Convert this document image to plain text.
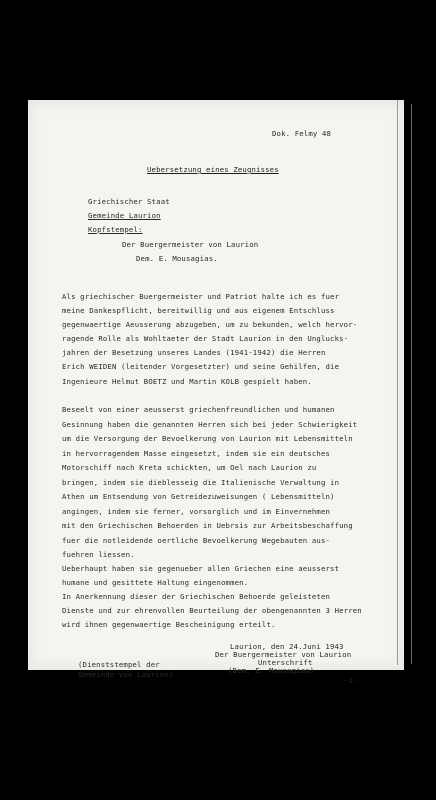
Dok. Felmy 48
Uebersetzung eines Zeugnisses
Griechischer Staat
Gemeinde Laurion
Kopfstempel:
Der Buergermeister von Laurion
Dem. E. Mousagias.
Als griechischer Buergermeister und Patriot halte ich es fuer
meine Dankespflicht, bereitwillig und aus eigenem Entschluss
gegenwaertige Aeusserung abzugeben, um zu bekunden, welch hervor-
ragende Rolle als Wohltaeter der Stadt Laurion in den Unglucks-
jahren der Besetzung unseres Landes (1941-1942) die Herren
Erich WEIDEN (leitender Vorgesetzter) und seine Gehilfen, die
Ingenieure Helmut BOETZ und Martin KOLB gespielt haben.
Beseelt von einer aeusserst griechenfreundlichen und humanen
Gesinnung haben die genannten Herren sich bei jeder Schwierigkeit
um die Versorgung der Bevoelkerung von Laurion mit Lebensmitteln
in hervorragendem Masse eingesetzt, indem sie ein deutsches
Motorschiff nach Kreta schickten, um Oel nach Laurion zu
bringen, indem sie dieblesseig die Italienische Verwaltung in
Athen um Entsendung von Getreidezuweisungen ( Lebensmitteln)
angingen, indem sie ferner, vorsorglich und im Einvernehmen
mit den Griechischen Behoerden in Uebrsis zur Arbeitsbeschaffung
fuer die notleidende oertliche Bevoelkerung Wegebauten aus-
fuehren liessen.
Ueberhaupt haben sie gegenueber allen Griechen eine aeusserst
humane und gesittete Haltung eingenommen.
In Anerkennung dieser der Griechischen Behoerde geleisteten
Dienste und zur ehrenvollen Beurteilung der obengenannten 3 Herren
wird ihnen gegenwaertige Bescheinigung erteilt.
Laurion, den 24.Juni 1943
Der Buergermeister von Laurion
Unterschrift
(Dem. E. Mousagias)
(Dienststempel der
Gemeinde von Laurion)
-2-
